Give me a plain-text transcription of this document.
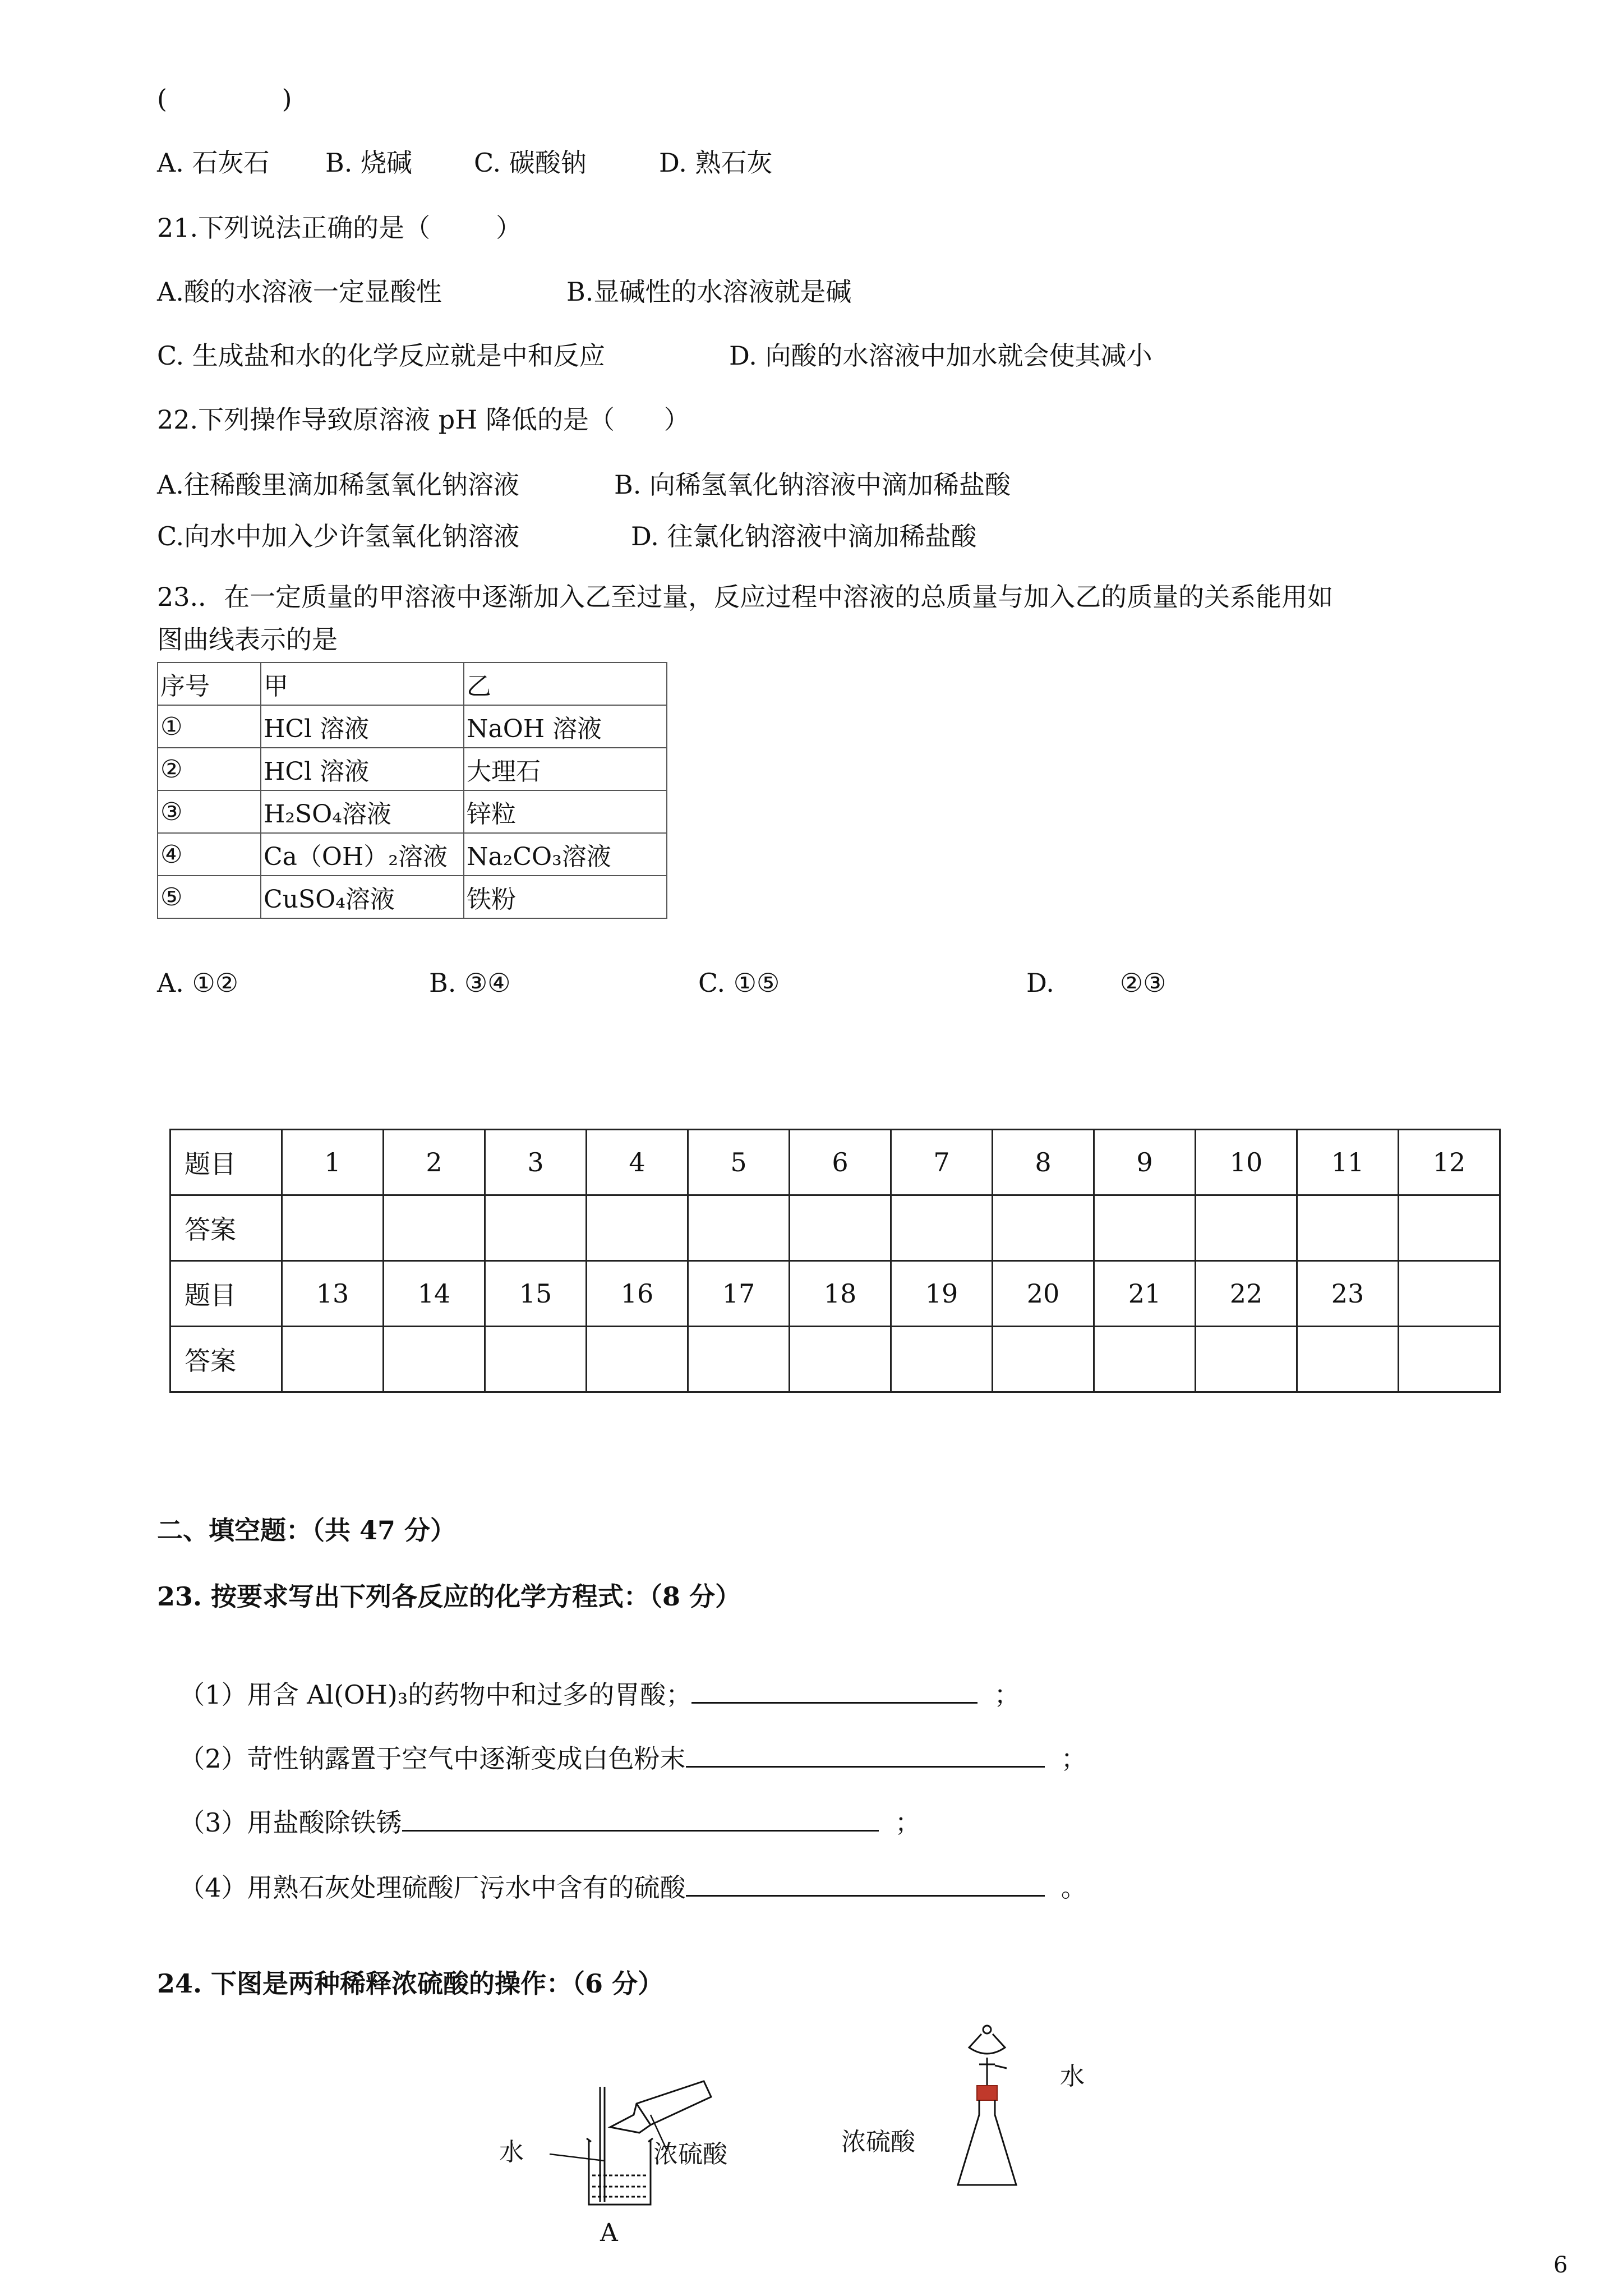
(              )
A. 石灰石 B. 烧碱 C. 碳酸钠	D. 熟石灰
21.下列说法正确的是（        ）
A.酸的水溶液一定显酸性	B.显碱性的水溶液就是碱
C. 生成盐和水的化学反应就是中和反应	D. 向酸的水溶液中加水就会使其减小
22.下列操作导致原溶液 pH 降低的是（      ）
A.往稀酸里滴加稀氢氧化钠溶液	B. 向稀氢氧化钠溶液中滴加稀盐酸
C.向水中加入少许氢氧化钠溶液	D. 往氯化钠溶液中滴加稀盐酸
23.．在一定质量的甲溶液中逐渐加入乙至过量，反应过程中溶液的总质量与加入乙的质量的关系能用如
图曲线表示的是
序号	甲	乙
①	HCl 溶液	NaOH 溶液
②	HCl 溶液	大理石
③	H₂SO₄溶液	锌粒
④	Ca（OH）₂溶液	Na₂CO₃溶液
⑤	CuSO₄溶液	铁粉
A. ①②	B. ③④	C. ①⑤	D.        ②③
题目	1	2	3	4	5	6	7	8	9	10	11	12
答案												
题目	13	14	15	16	17	18	19	20	21	22	23	
答案												
二、填空题：（共 47 分）
23. 按要求写出下列各反应的化学方程式：（8 分）

（1）用含 Al(OH)₃的药物中和过多的胃酸；	；

（2）苛性钠露置于空气中逐渐变成白色粉末	；

（3）用盐酸除铁锈	；

（4）用熟石灰处理硫酸厂污水中含有的硫酸	。

24. 下图是两种稀释浓硫酸的操作：（6 分）
水	浓硫酸
A
水
浓硫酸
6
